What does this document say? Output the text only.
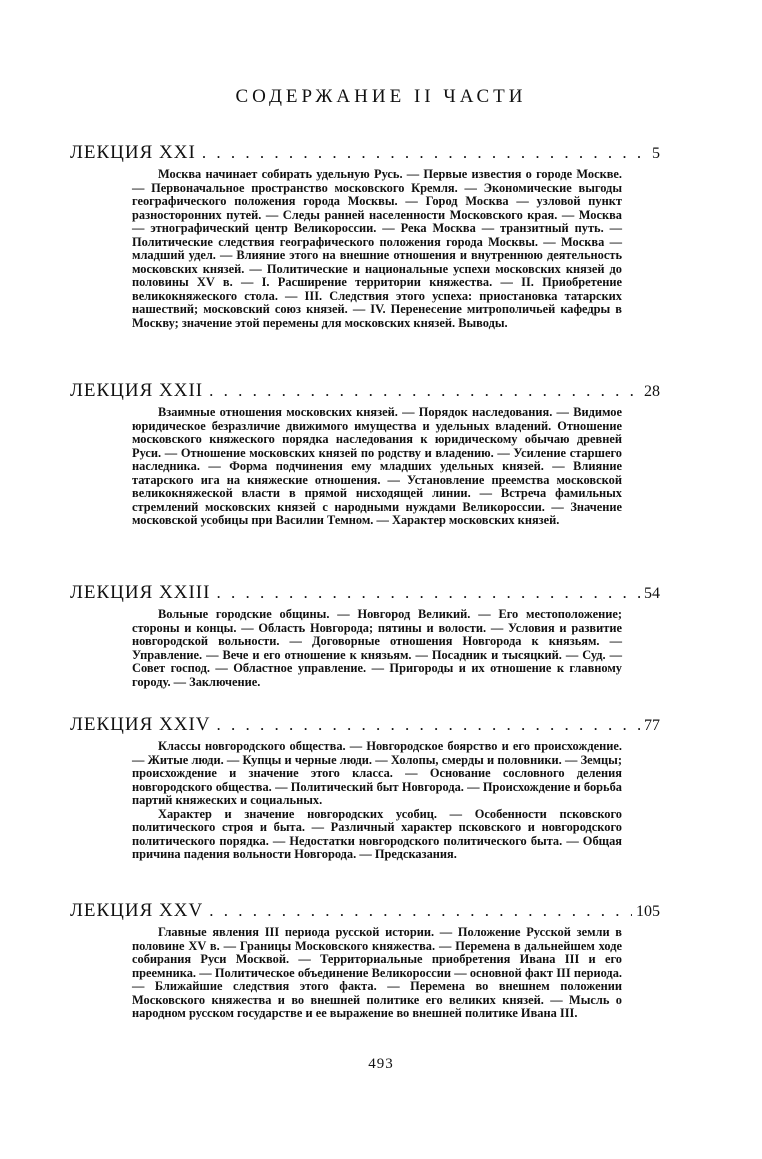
СОДЕРЖАНИЕ II ЧАСТИ
ЛЕКЦИЯ XXI . . .	5

Москва начинает собирать удельную Русь. — Первые известия о городе Москве. — Первоначальное пространство московского Кремля. — Экономические выгоды географического положения города Москвы. — Город Москва — узловой пункт разносторонних путей. — Следы ранней населенности Московского края. — Москва — этнографический центр Великороссии. — Река Москва — транзитный путь. — Политические следствия географического положения города Москвы. — Москва — младший удел. — Влияние этого на внешние отношения и внутреннюю деятельность московских князей. — Политические и национальные успехи московских князей до половины XV в. — I. Расширение территории княжества. — II. Приобретение великокняжеского стола. — III. Следствия этого успеха: приостановка татарских нашествий; московский союз князей. — IV. Перенесение митрополичьей кафедры в Москву; значение этой перемены для московских князей. Выводы.

ЛЕКЦИЯ XXII . . .	28

Взаимные отношения московских князей. — Порядок наследования. — Видимое юридическое безразличие движимого имущества и удельных владений. Отношение московского княжеского порядка наследования к юридическому обычаю древней Руси. — Отношение московских князей по родству и владению. — Усиление старшего наследника. — Форма подчинения ему младших удельных князей. — Влияние татарского ига на княжеские отношения. — Установление преемства московской великокняжеской власти в прямой нисходящей линии. — Встреча фамильных стремлений московских князей с народными нуждами Великороссии. — Значение московской усобицы при Василии Темном. — Характер московских князей.

ЛЕКЦИЯ XXIII . . .	54

Вольные городские общины. — Новгород Великий. — Его местоположение; стороны и концы. — Область Новгорода; пятины и волости. — Условия и развитие новгородской вольности. — Договорные отношения Новгорода к князьям. — Управление. — Вече и его отношение к князьям. — Посадник и тысяцкий. — Суд. — Совет господ. — Областное управление. — Пригороды и их отношение к главному городу. — Заключение.

ЛЕКЦИЯ XXIV . . .	77

Классы новгородского общества. — Новгородское боярство и его происхождение. — Житые люди. — Купцы и черные люди. — Холопы, смерды и половники. — Земцы; происхождение и значение этого класса. — Основание сословного деления новгородского общества. — Политический быт Новгорода. — Происхождение и борьба партий княжеских и социальных.

Характер и значение новгородских усобиц. — Особенности псковского политического строя и быта. — Различный характер псковского и новгородского политического порядка. — Недостатки новгородского политического быта. — Общая причина падения вольности Новгорода. — Предсказания.

ЛЕКЦИЯ XXV . . .	105

Главные явления III периода русской истории. — Положение Русской земли в половине XV в. — Границы Московского княжества. — Перемена в дальнейшем ходе собирания Руси Москвой. — Территориальные приобретения Ивана III и его преемника. — Политическое объединение Великороссии — основной факт III периода. — Ближайшие следствия этого факта. — Перемена во внешнем положении Московского княжества и во внешней политике его великих князей. — Мысль о народном русском государстве и ее выражение во внешней политике Ивана III.

493
